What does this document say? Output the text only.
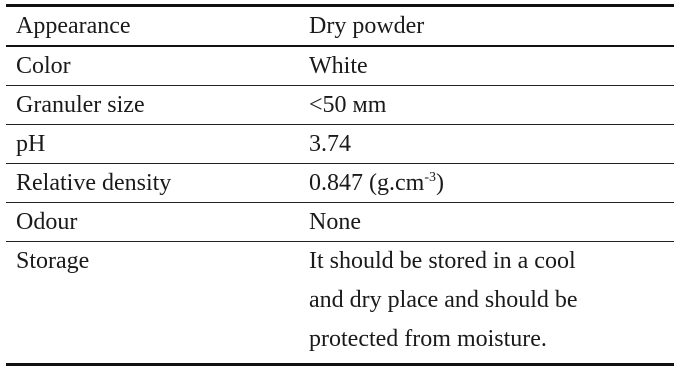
Appearance	Dry powder
Color	White
Granuler size	<50 мm
pH	3.74
Relative density	0.847 $(g.cm^{-3})$
Odour	None
Storage	It should be stored in a cool
and dry place and should be
protected from moisture.
